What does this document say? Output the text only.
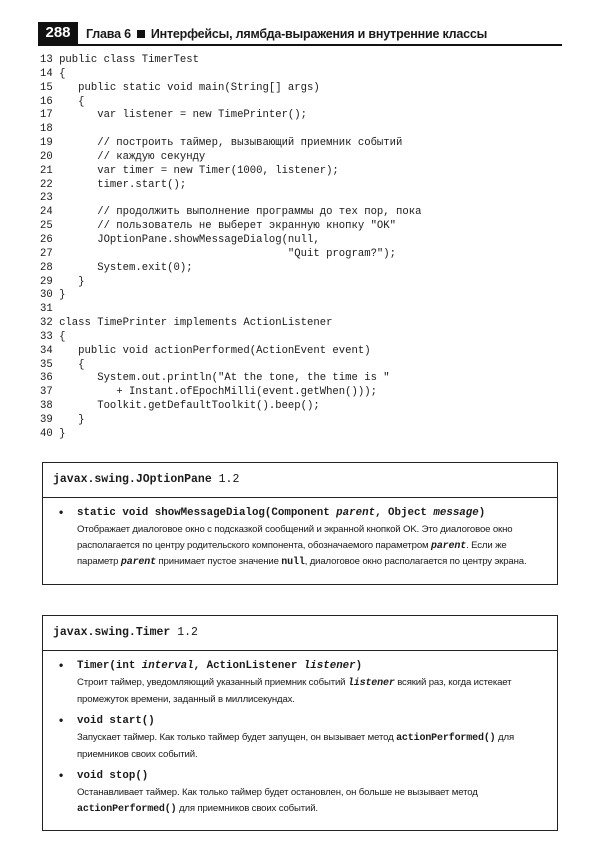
288	Глава 6 Интерфейсы, лямбда-выражения и внутренние классы
13 public class TimerTest
14 {
15    public static void main(String[] args)
16    {
17       var listener = new TimePrinter();
18
19       // построить таймер, вызывающий приемник событий
20       // каждую секунду
21       var timer = new Timer(1000, listener);
22       timer.start();
23
24       // продолжить выполнение программы до тех пор, пока
25       // пользователь не выберет экранную кнопку "OK"
26       JOptionPane.showMessageDialog(null,
27                                     "Quit program?");
28       System.exit(0);
29    }
30 }
31
32 class TimePrinter implements ActionListener
33 {
34    public void actionPerformed(ActionEvent event)
35    {
36       System.out.println("At the tone, the time is "
37          + Instant.ofEpochMilli(event.getWhen()));
38       Toolkit.getDefaultToolkit().beep();
39    }
40 }
javax.swing.JOptionPane 1.2
• static void showMessageDialog(Component parent, Object message)
Отображает диалоговое окно с подсказкой сообщений и экранной кнопкой OK. Это диалоговое окно располагается по центру родительского компонента, обозначаемого параметром parent. Если же параметр parent принимает пустое значение null, диалоговое окно располагается по центру экрана.
javax.swing.Timer 1.2
• Timer(int interval, ActionListener listener)
Строит таймер, уведомляющий указанный приемник событий listener всякий раз, когда истекает промежуток времени, заданный в миллисекундах.
• void start()
Запускает таймер. Как только таймер будет запущен, он вызывает метод actionPerformed() для приемников своих событий.
• void stop()
Останавливает таймер. Как только таймер будет остановлен, он больше не вызывает метод actionPerformed() для приемников своих событий.
